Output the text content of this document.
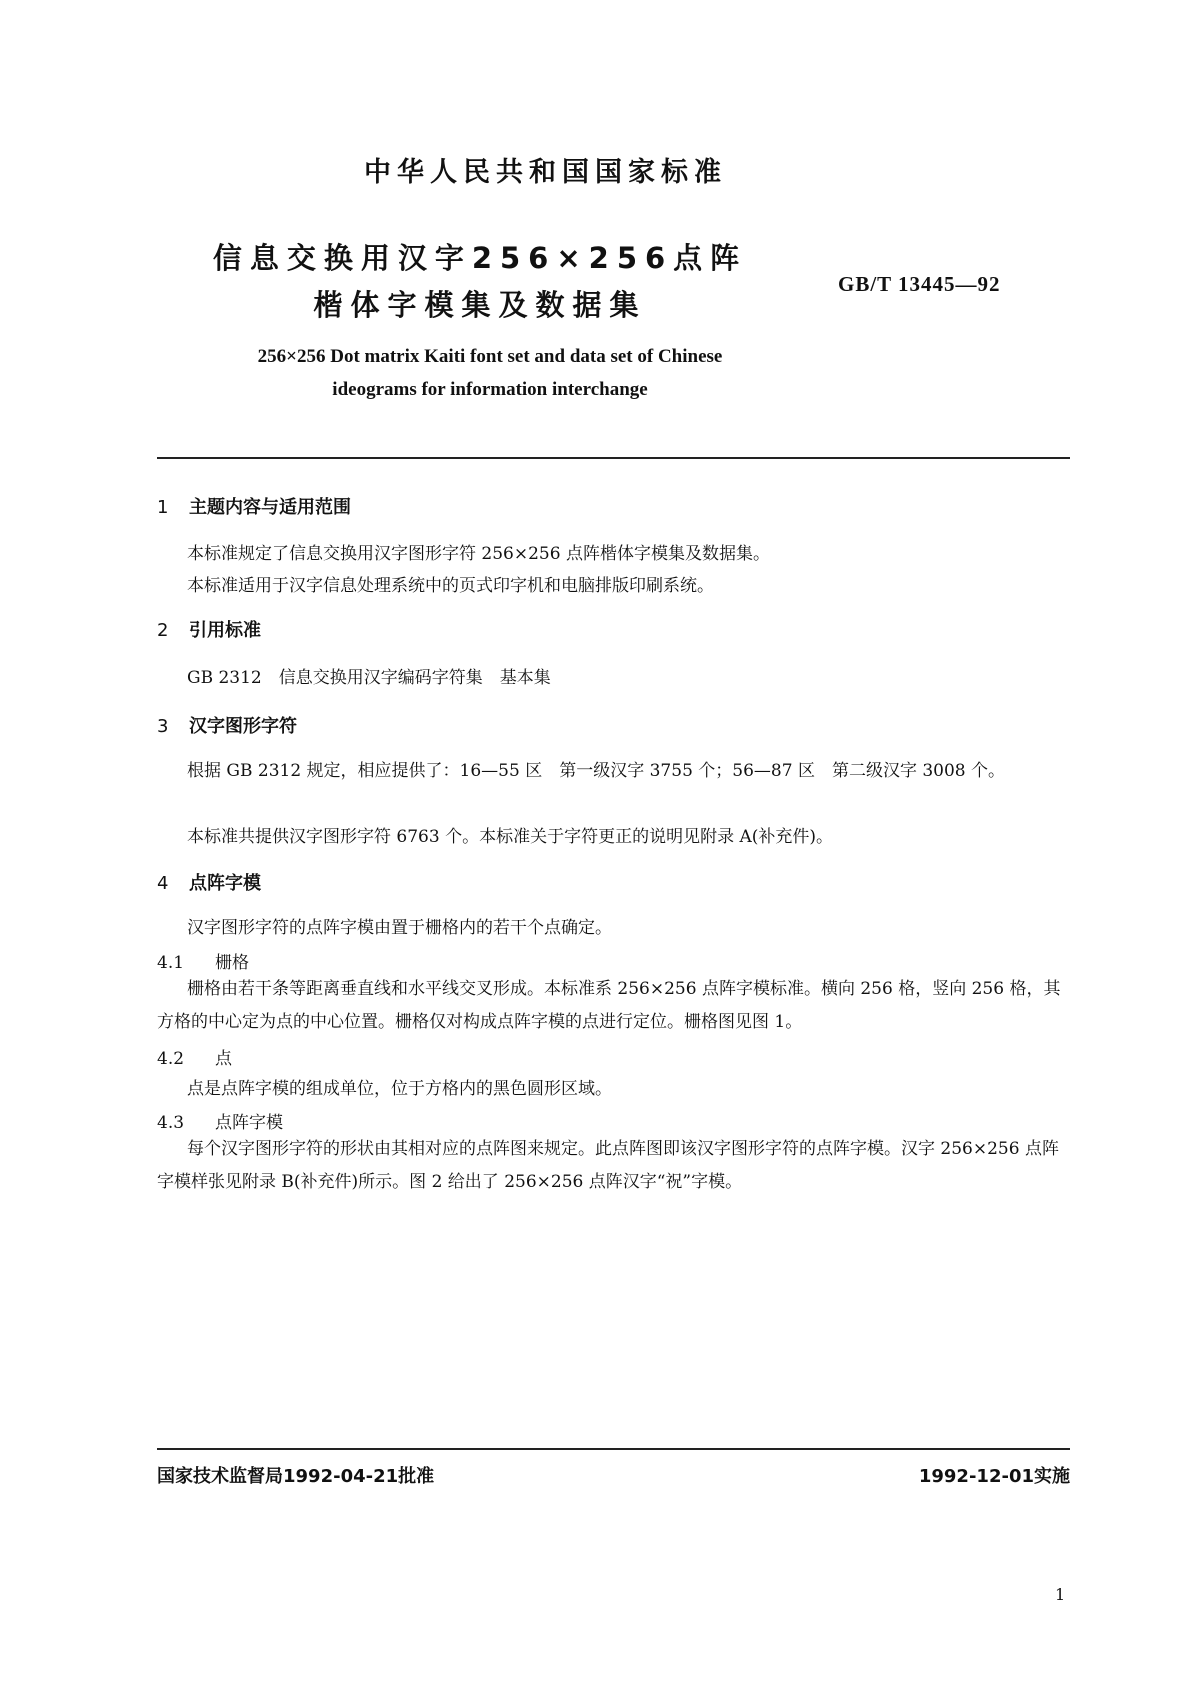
中华人民共和国国家标准
信息交换用汉字256×256点阵
楷体字模集及数据集
GB/T 13445—92
256×256 Dot matrix Kaiti font set and data set of Chinese
ideograms for information interchange
1 主题内容与适用范围
本标准规定了信息交换用汉字图形字符 256×256 点阵楷体字模集及数据集。
本标准适用于汉字信息处理系统中的页式印字机和电脑排版印刷系统。
2 引用标准
GB 2312　信息交换用汉字编码字符集　基本集
3 汉字图形字符
根据 GB 2312 规定，相应提供了：16—55 区　第一级汉字 3755 个；56—87 区　第二级汉字 3008 个。
本标准共提供汉字图形字符 6763 个。本标准关于字符更正的说明见附录 A(补充件)。
4 点阵字模
汉字图形字符的点阵字模由置于栅格内的若干个点确定。
4.1 栅格
栅格由若干条等距离垂直线和水平线交叉形成。本标准系 256×256 点阵字模标准。横向 256 格，竖向 256 格，其方格的中心定为点的中心位置。栅格仅对构成点阵字模的点进行定位。栅格图见图 1。
4.2 点
点是点阵字模的组成单位，位于方格内的黑色圆形区域。
4.3 点阵字模
每个汉字图形字符的形状由其相对应的点阵图来规定。此点阵图即该汉字图形字符的点阵字模。汉字 256×256 点阵字模样张见附录 B(补充件)所示。图 2 给出了 256×256 点阵汉字“祝”字模。
国家技术监督局1992-04-21批准	1992-12-01实施
1
